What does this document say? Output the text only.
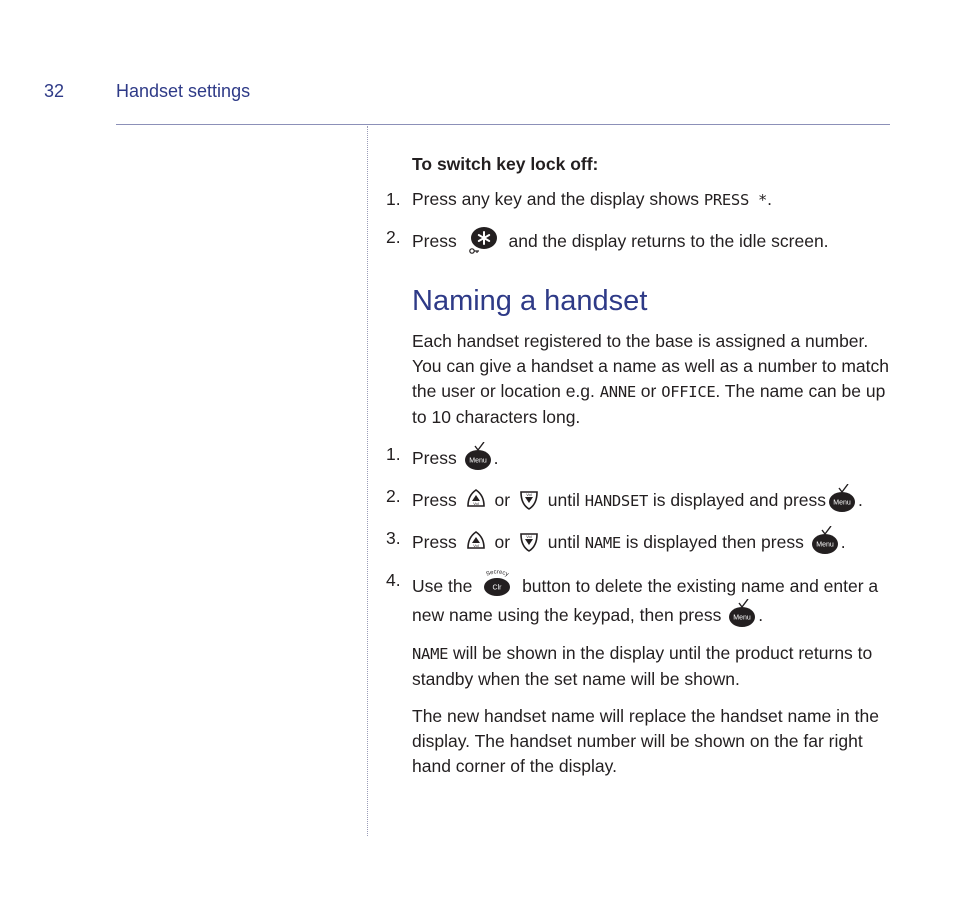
32	Handset settings
To switch key lock off:
1. Press any key and the display shows PRESS *.
2. Press	and the display returns to the idle screen.
Naming a handset
Each handset registered to the base is assigned a number. You can give a handset a name as well as a number to match the user or location e.g. ANNE or OFFICE. The name can be up to 10 characters long.
1. Press Menu .
2. Press	Vol or	Vol until HANDSET is displayed and press Menu .
3. Press	Vol or	Vol until NAME is displayed then press Menu .
4. Use the
Secrecy
Clr button to delete the existing name and enter a new name using the keypad, then press Menu .
NAME will be shown in the display until the product returns to standby when the set name will be shown.
The new handset name will replace the handset name in the display. The handset number will be shown on the far right hand corner of the display.
